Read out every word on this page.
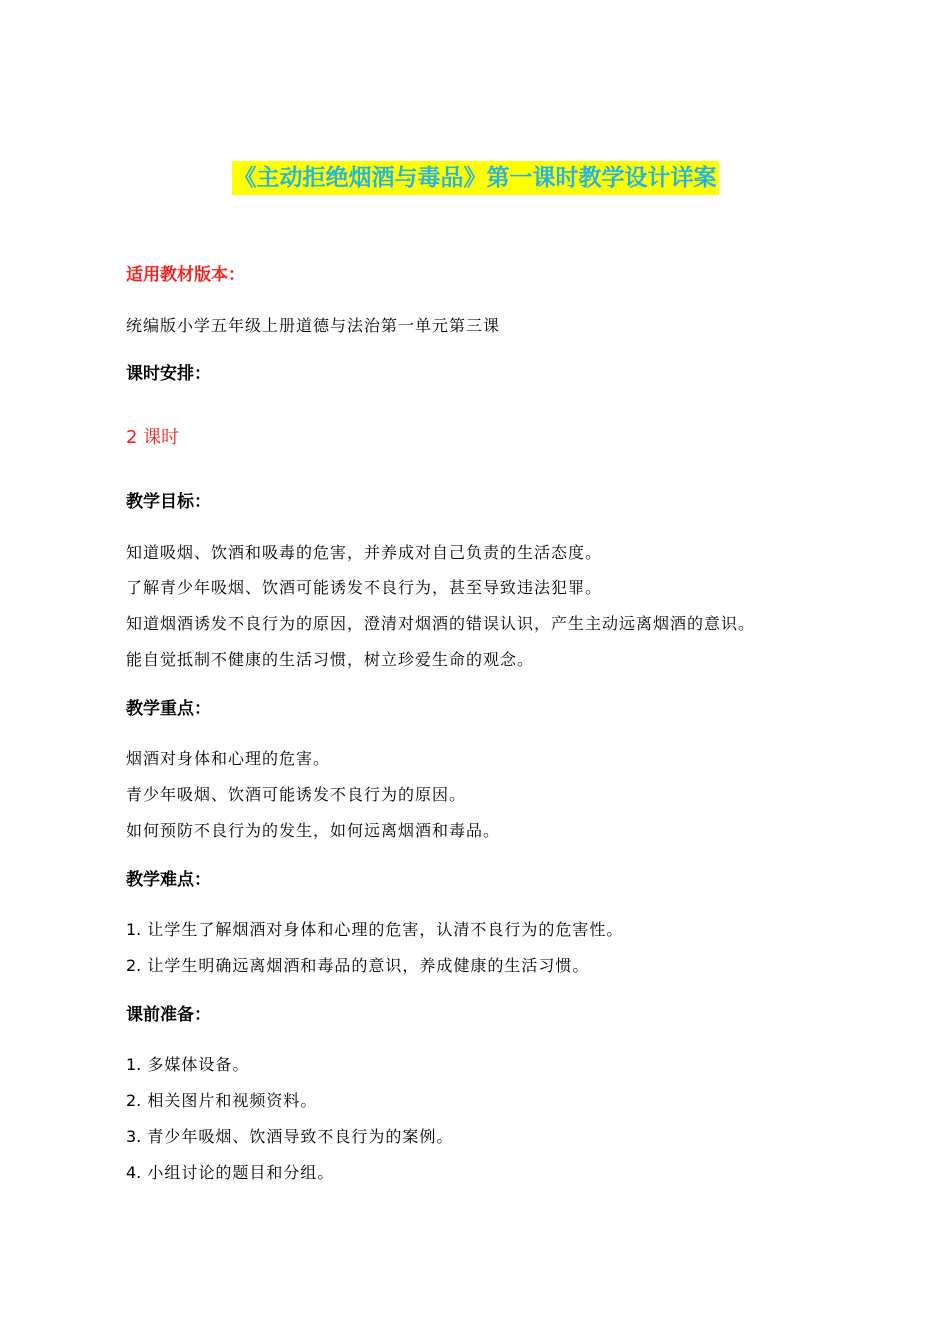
《主动拒绝烟酒与毒品》第一课时教学设计详案
适用教材版本：
统编版小学五年级上册道德与法治第一单元第三课
课时安排：
2 课时
教学目标：
知道吸烟、饮酒和吸毒的危害，并养成对自己负责的生活态度。
了解青少年吸烟、饮酒可能诱发不良行为，甚至导致违法犯罪。
知道烟酒诱发不良行为的原因，澄清对烟酒的错误认识，产生主动远离烟酒的意识。
能自觉抵制不健康的生活习惯，树立珍爱生命的观念。
教学重点：
烟酒对身体和心理的危害。
青少年吸烟、饮酒可能诱发不良行为的原因。
如何预防不良行为的发生，如何远离烟酒和毒品。
教学难点：
1. 让学生了解烟酒对身体和心理的危害，认清不良行为的危害性。
2. 让学生明确远离烟酒和毒品的意识，养成健康的生活习惯。
课前准备：
1. 多媒体设备。
2. 相关图片和视频资料。
3. 青少年吸烟、饮酒导致不良行为的案例。
4. 小组讨论的题目和分组。
